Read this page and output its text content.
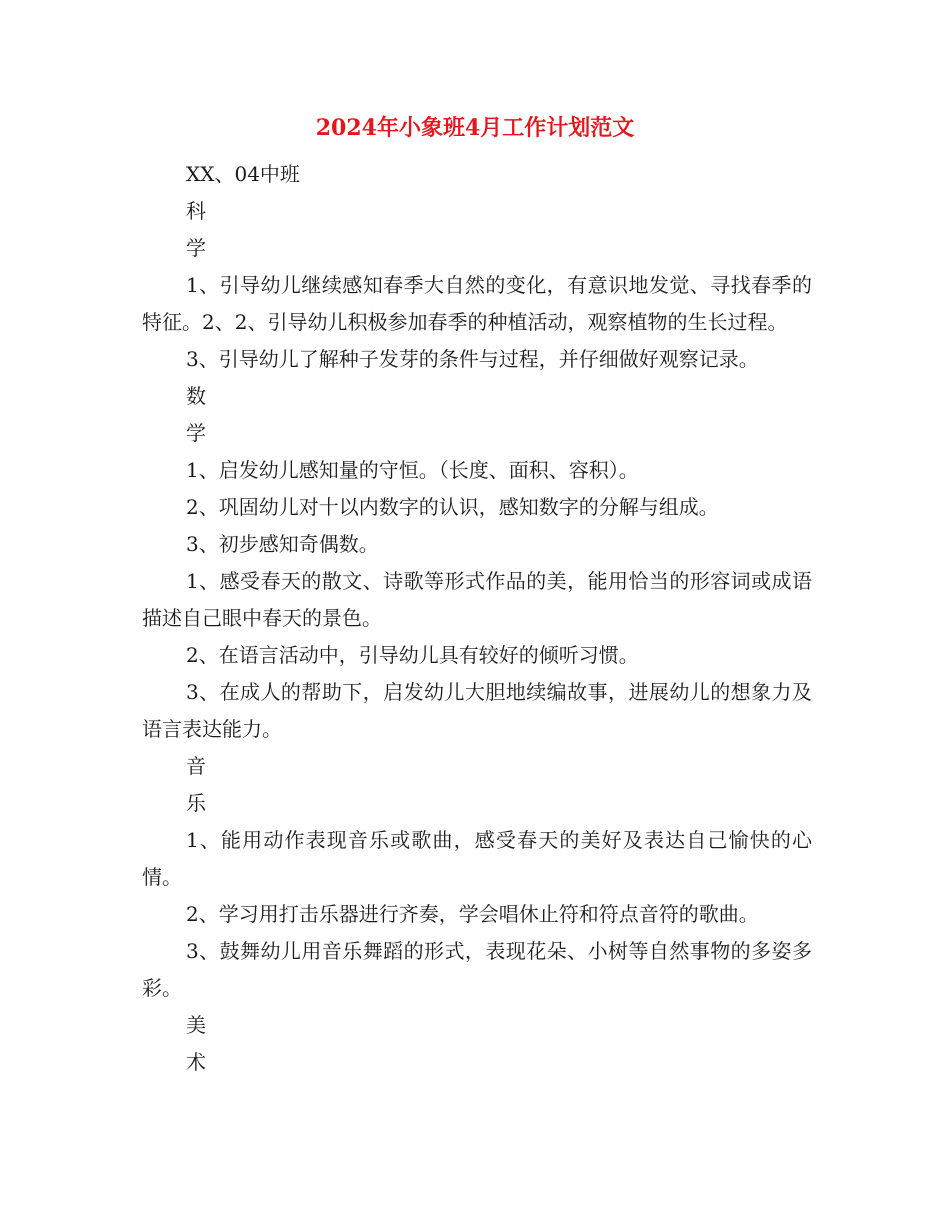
2024年小象班4月工作计划范文

XX、04中班

科

学

1、引导幼儿继续感知春季大自然的变化，有意识地发觉、寻找春季的特征。2、2、引导幼儿积极参加春季的种植活动，观察植物的生长过程。

3、引导幼儿了解种子发芽的条件与过程，并仔细做好观察记录。

数

学

1、启发幼儿感知量的守恒。（长度、面积、容积）。

2、巩固幼儿对十以内数字的认识，感知数字的分解与组成。

3、初步感知奇偶数。

1、感受春天的散文、诗歌等形式作品的美，能用恰当的形容词或成语描述自己眼中春天的景色。

2、在语言活动中，引导幼儿具有较好的倾听习惯。

3、在成人的帮助下，启发幼儿大胆地续编故事，进展幼儿的想象力及语言表达能力。

音

乐

1、能用动作表现音乐或歌曲，感受春天的美好及表达自己愉快的心情。

2、学习用打击乐器进行齐奏，学会唱休止符和符点音符的歌曲。

3、鼓舞幼儿用音乐舞蹈的形式，表现花朵、小树等自然事物的多姿多彩。

美

术
